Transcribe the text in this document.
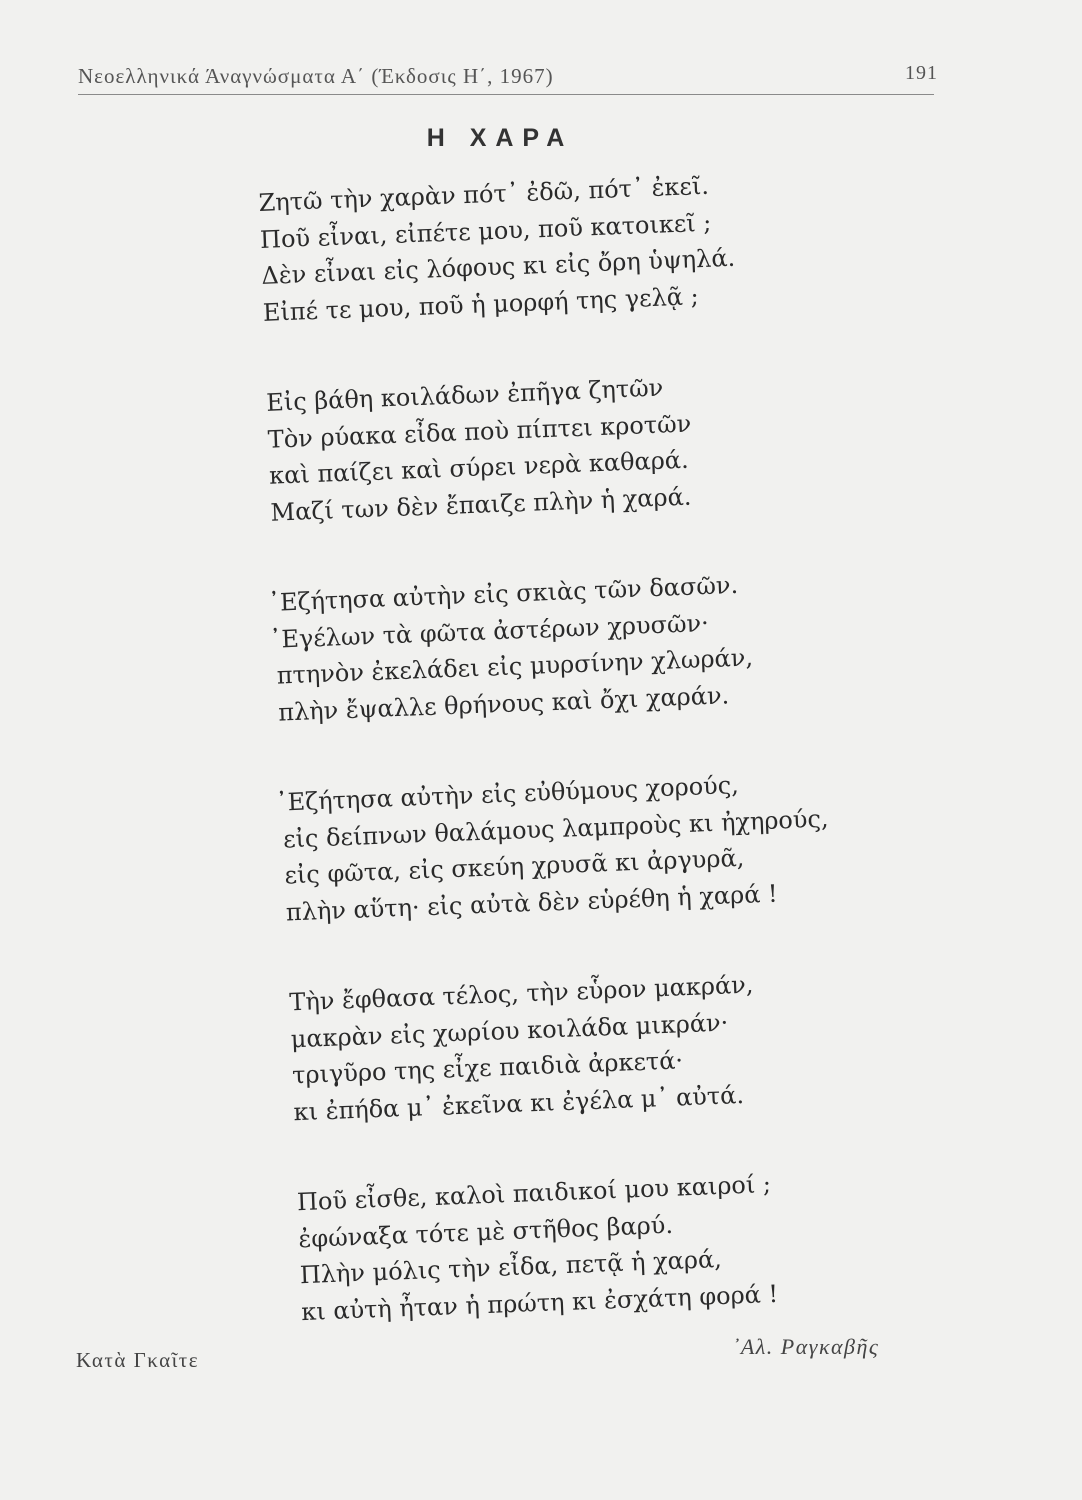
Νεοελληνικά Άναγνώσματα Α΄ (Έκδοσις Η΄, 1967)	191
Η ΧΑΡΑ
Ζητῶ τὴν χαρὰν πότ᾽ ἐδῶ, πότ᾽ ἐκεῖ.
Ποῦ εἶναι, εἰπέτε μου, ποῦ κατοικεῖ ;
Δὲν εἶναι εἰς λόφους κι εἰς ὄρη ὑψηλά.
Εἰπέ τε μου, ποῦ ἡ μορφή της γελᾷ ;
Εἰς βάθη κοιλάδων ἐπῆγα ζητῶν
Τὸν ρύακα εἶδα ποὺ πίπτει κροτῶν
καὶ παίζει καὶ σύρει νερὰ καθαρά.
Μαζί των δὲν ἔπαιζε πλὴν ἡ χαρά.
᾽Εζήτησα αὐτὴν εἰς σκιὰς τῶν δασῶν.
᾽Εγέλων τὰ φῶτα ἀστέρων χρυσῶν·
πτηνὸν ἐκελάδει εἰς μυρσίνην χλωράν,
πλὴν ἔψαλλε θρήνους καὶ ὄχι χαράν.
᾽Εζήτησα αὐτὴν εἰς εὐθύμους χορούς,
εἰς δείπνων θαλάμους λαμπροὺς κι ἠχηρούς,
εἰς φῶτα, εἰς σκεύη χρυσᾶ κι ἀργυρᾶ,
πλὴν αὕτη· εἰς αὐτὰ δὲν εὑρέθη ἡ χαρά !
Τὴν ἔφθασα τέλος, τὴν εὗρον μακράν,
μακρὰν εἰς χωρίου κοιλάδα μικράν·
τριγῦρο της εἶχε παιδιὰ ἀρκετά·
κι ἐπήδα μ᾽ ἐκεῖνα κι ἐγέλα μ᾽ αὐτά.
Ποῦ εἶσθε, καλοὶ παιδικοί μου καιροί ;
ἐφώναξα τότε μὲ στῆθος βαρύ.
Πλὴν μόλις τὴν εἶδα, πετᾷ ἡ χαρά,
κι αὐτὴ ἦταν ἡ πρώτη κι ἐσχάτη φορά !
Κατὰ Γκαῖτε
᾽Αλ. Ραγκαβῆς
